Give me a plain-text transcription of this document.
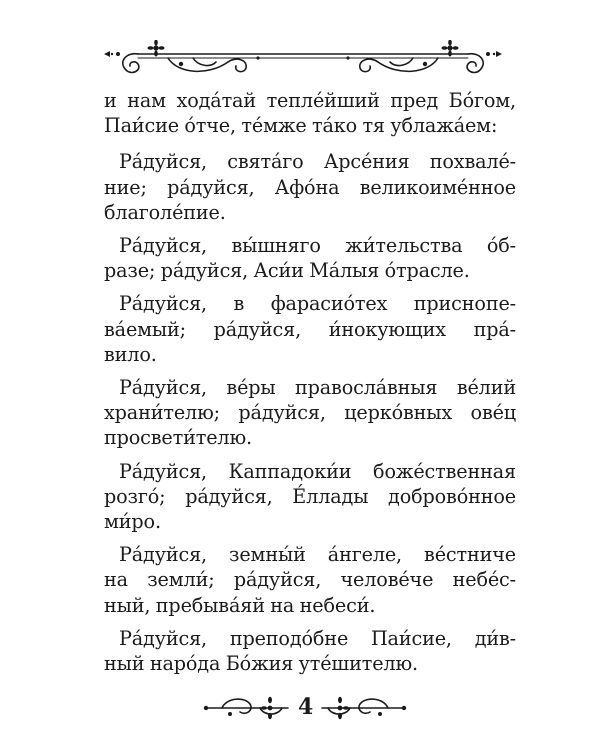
и нам хода́тай тепле́йший пред Бо́гом,
Паи́сие о́тче, те́мже та́ко тя ублажа́ем:

Ра́дуйся, свята́го Арсе́ния похвале́-
ние; ра́дуйся, Афо́на великоиме́нное
благоле́пие.

Ра́дуйся, вы́шняго жи́тельства о́б-
разе; ра́дуйся, Аси́и Ма́лыя о́трасле.

Ра́дуйся, в фарасио́тех приснопе-
ва́емый; ра́дуйся, и́нокующих пра́-
вило.

Ра́дуйся, ве́ры правосла́вныя ве́лий
храни́телю; ра́дуйся, церко́вных ове́ц
просвети́телю.

Ра́дуйся, Каппадоки́и боже́ственная
розго́; ра́дуйся, Е́ллады доброво́нное
ми́ро.

Ра́дуйся, земны́й а́нгеле, ве́стниче
на земли́; ра́дуйся, челове́че небе́с-
ный, пребыва́яй на небеси́.

Ра́дуйся, преподо́бне Паи́сие, ди́в-
ный наро́да Бо́жия уте́шителю.

4
